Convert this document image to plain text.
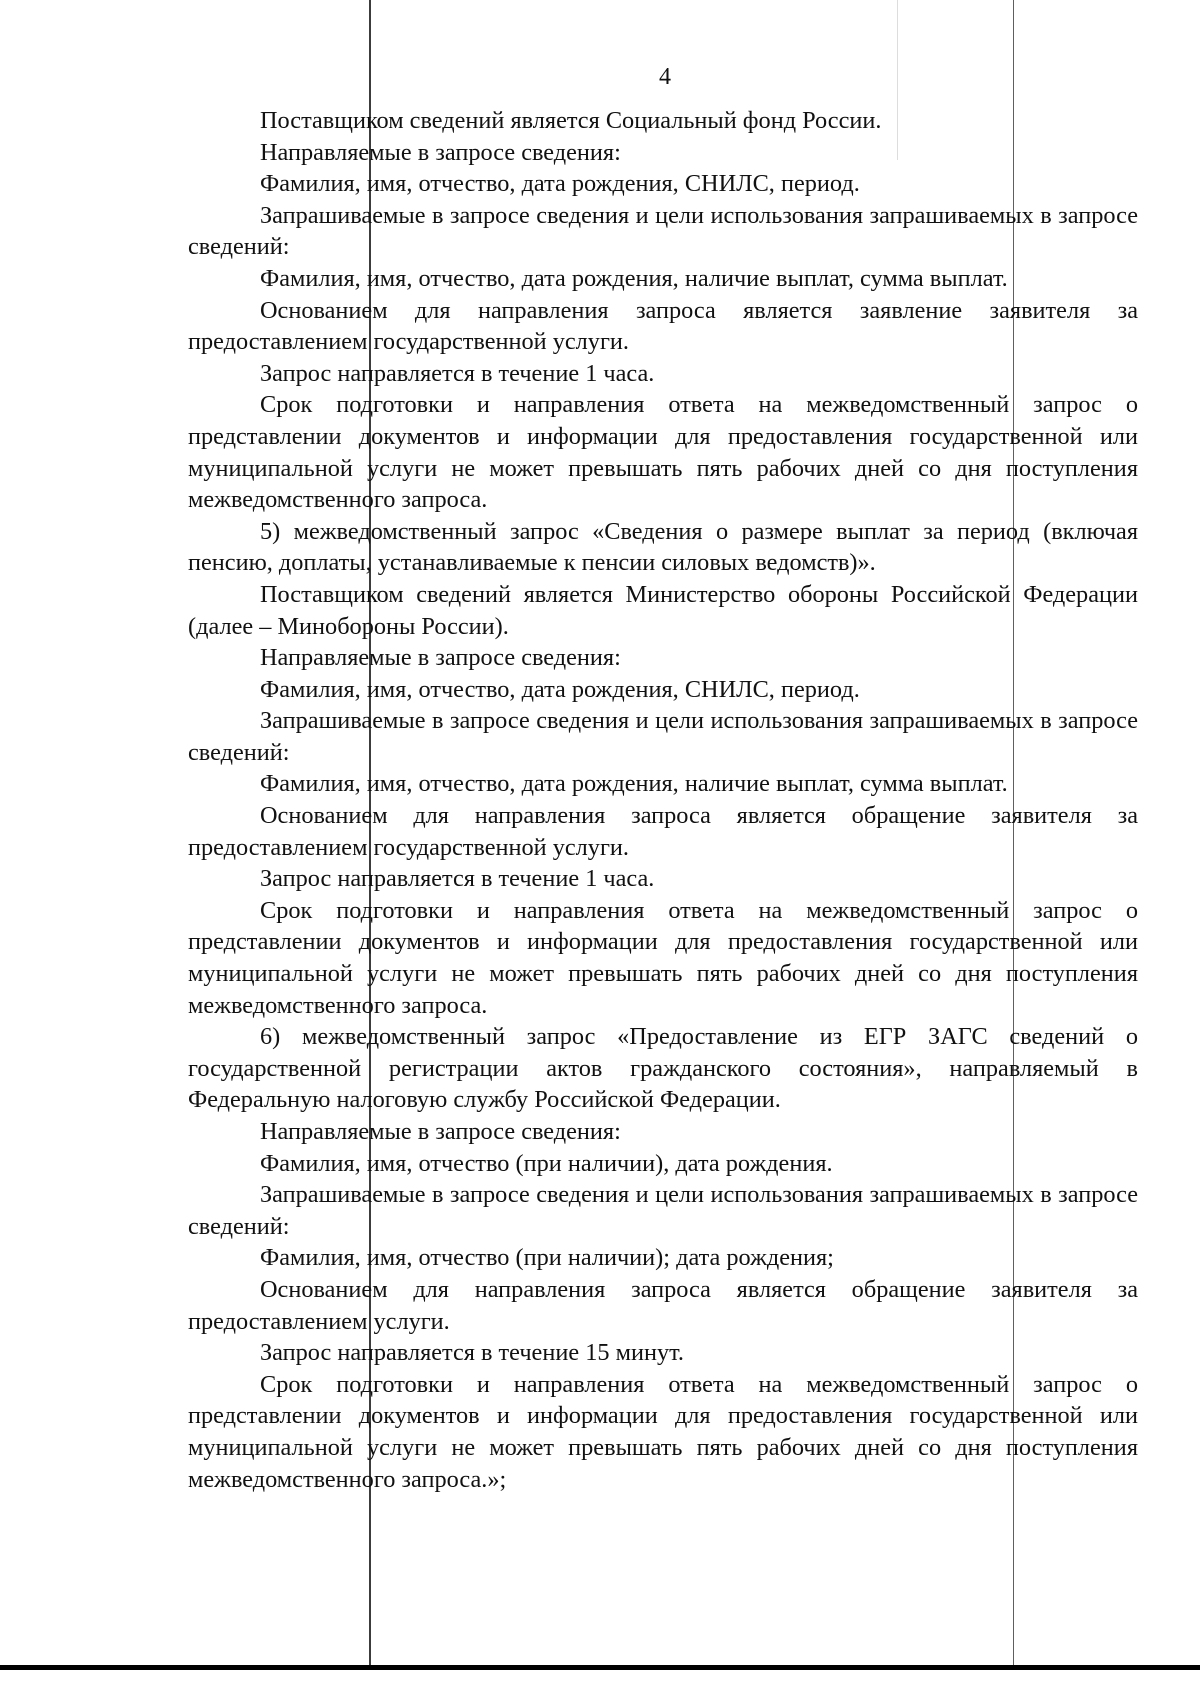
4

Поставщиком сведений является Социальный фонд России.

Направляемые в запросе сведения:

Фамилия, имя, отчество, дата рождения, СНИЛС, период.

Запрашиваемые в запросе сведения и цели использования запрашиваемых в запросе сведений:

Фамилия, имя, отчество, дата рождения, наличие выплат, сумма выплат.

Основанием для направления запроса является заявление заявителя за предоставлением государственной услуги.

Запрос направляется в течение 1 часа.

Срок подготовки и направления ответа на межведомственный запрос о представлении документов и информации для предоставления государственной или муниципальной услуги не может превышать пять рабочих дней со дня поступления межведомственного запроса.

5) межведомственный запрос «Сведения о размере выплат за период (включая пенсию, доплаты, устанавливаемые к пенсии силовых ведомств)».

Поставщиком сведений является Министерство обороны Российской Федерации (далее – Минобороны России).

Направляемые в запросе сведения:

Фамилия, имя, отчество, дата рождения, СНИЛС, период.

Запрашиваемые в запросе сведения и цели использования запрашиваемых в запросе сведений:

Фамилия, имя, отчество, дата рождения, наличие выплат, сумма выплат.

Основанием для направления запроса является обращение заявителя за предоставлением государственной услуги.

Запрос направляется в течение 1 часа.

Срок подготовки и направления ответа на межведомственный запрос о представлении документов и информации для предоставления государственной или муниципальной услуги не может превышать пять рабочих дней со дня поступления межведомственного запроса.

6) межведомственный запрос «Предоставление из ЕГР ЗАГС сведений о государственной регистрации актов гражданского состояния», направляемый в Федеральную налоговую службу Российской Федерации.

Направляемые в запросе сведения:

Фамилия, имя, отчество (при наличии), дата рождения.

Запрашиваемые в запросе сведения и цели использования запрашиваемых в запросе сведений:

Фамилия, имя, отчество (при наличии); дата рождения;

Основанием для направления запроса является обращение заявителя за предоставлением услуги.

Запрос направляется в течение 15 минут.

Срок подготовки и направления ответа на межведомственный запрос о представлении документов и информации для предоставления государственной или муниципальной услуги не может превышать пять рабочих дней со дня поступления межведомственного запроса.»;
